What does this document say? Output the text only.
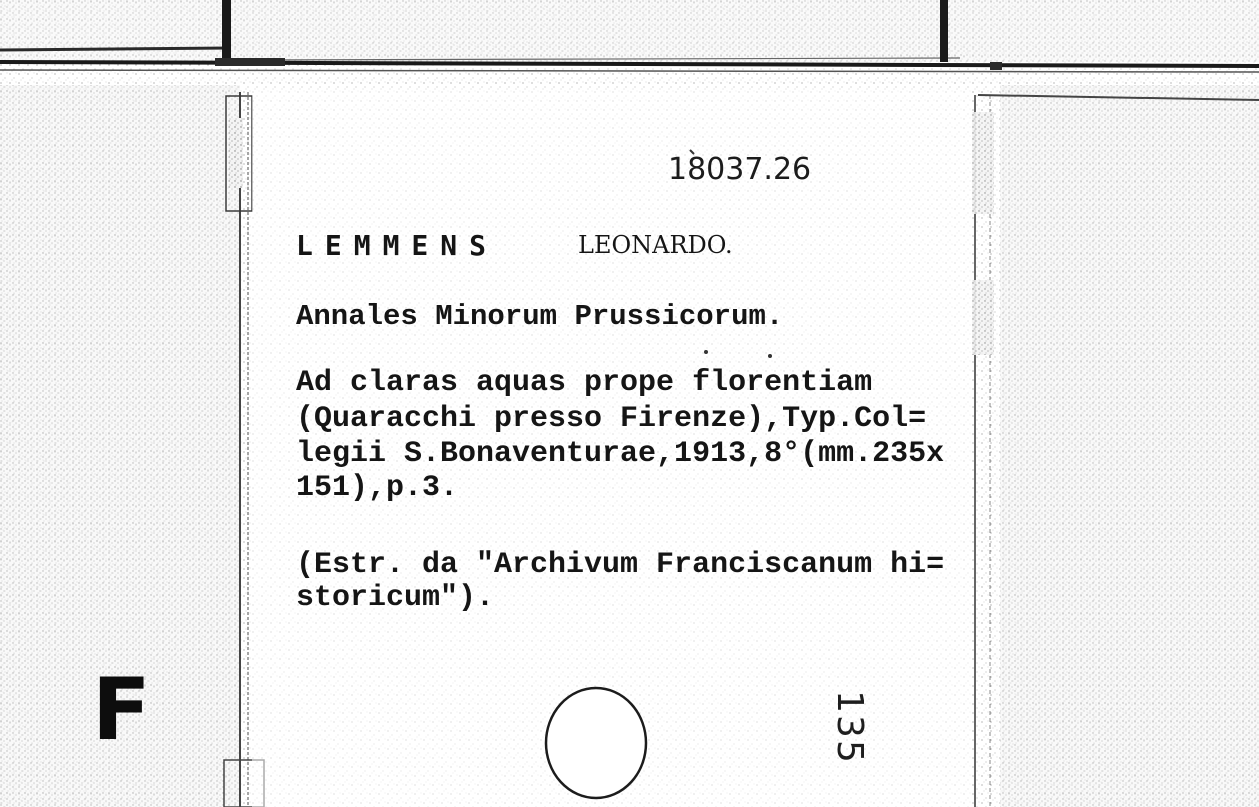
18037.26
LEMMENS	LEONARDO.
Annales Minorum Prussicorum.
Ad claras aquas prope florentiam
(Quaracchi presso Firenze),Typ.Col=
legii S.Bonaventurae,1913,8°(mm.235x
151),p.3.
(Estr. da "Archivum Franciscanum hi=
storicum").
F	135
